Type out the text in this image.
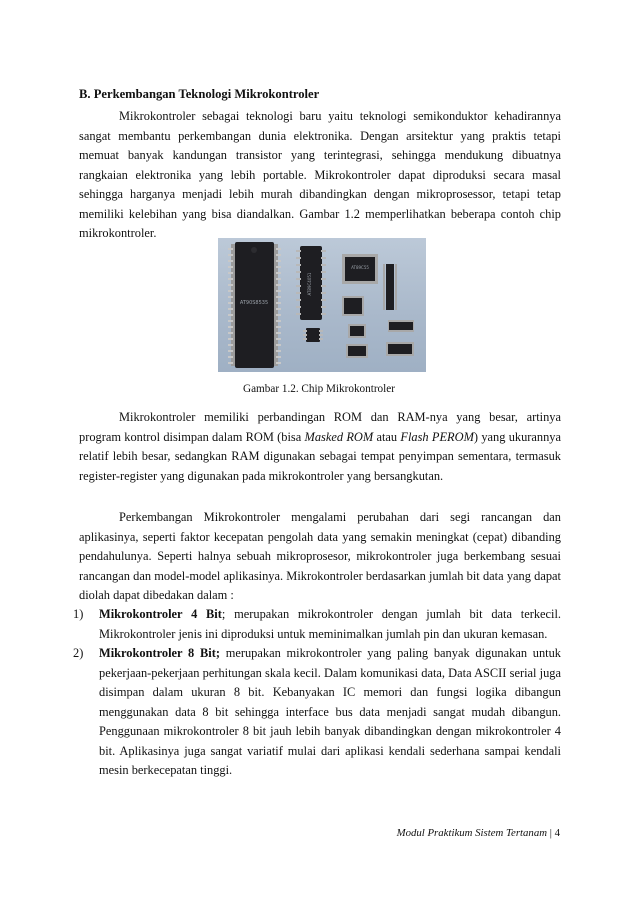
B. Perkembangan Teknologi Mikrokontroler

Mikrokontroler sebagai teknologi baru yaitu teknologi semikonduktor kehadirannya sangat membantu perkembangan dunia elektronika. Dengan arsitektur yang praktis tetapi memuat banyak kandungan transistor yang terintegrasi, sehingga mendukung dibuatnya rangkaian elektronika yang lebih portable. Mikrokontroler dapat diproduksi secara masal sehingga harganya menjadi lebih murah dibandingkan dengan mikroprosessor, tetapi tetap memiliki kelebihan yang bisa diandalkan. Gambar 1.2 memperlihatkan beberapa contoh chip mikrokontroler.

AT90S8535
AT89C4051
AT89C55
Gambar 1.2. Chip Mikrokontroler

Mikrokontroler memiliki perbandingan ROM dan RAM-nya yang besar, artinya program kontrol disimpan dalam ROM (bisa Masked ROM atau Flash PEROM) yang ukurannya relatif lebih besar, sedangkan RAM digunakan sebagai tempat penyimpan sementara, termasuk register-register yang digunakan pada mikrokontroler yang bersangkutan.

Perkembangan Mikrokontroler mengalami perubahan dari segi rancangan dan aplikasinya, seperti faktor kecepatan pengolah data yang semakin meningkat (cepat) dibanding pendahulunya. Seperti halnya sebuah mikroprosesor, mikrokontroler juga berkembang sesuai rancangan dan model-model aplikasinya. Mikrokontroler berdasarkan jumlah bit data yang dapat diolah dapat dibedakan dalam :

1) Mikrokontroler 4 Bit; merupakan mikrokontroler dengan jumlah bit data terkecil. Mikrokontroler jenis ini diproduksi untuk meminimalkan jumlah pin dan ukuran kemasan.
2) Mikrokontroler 8 Bit; merupakan mikrokontroler yang paling banyak digunakan untuk pekerjaan-pekerjaan perhitungan skala kecil. Dalam komunikasi data, Data ASCII serial juga disimpan dalam ukuran 8 bit. Kebanyakan IC memori dan fungsi logika dibangun menggunakan data 8 bit sehingga interface bus data menjadi sangat mudah dibangun. Penggunaan mikrokontroler 8 bit jauh lebih banyak dibandingkan dengan mikrokontroler 4 bit. Aplikasinya juga sangat variatif mulai dari aplikasi kendali sederhana sampai kendali mesin berkecepatan tinggi.
Modul Praktikum Sistem Tertanam | 4
